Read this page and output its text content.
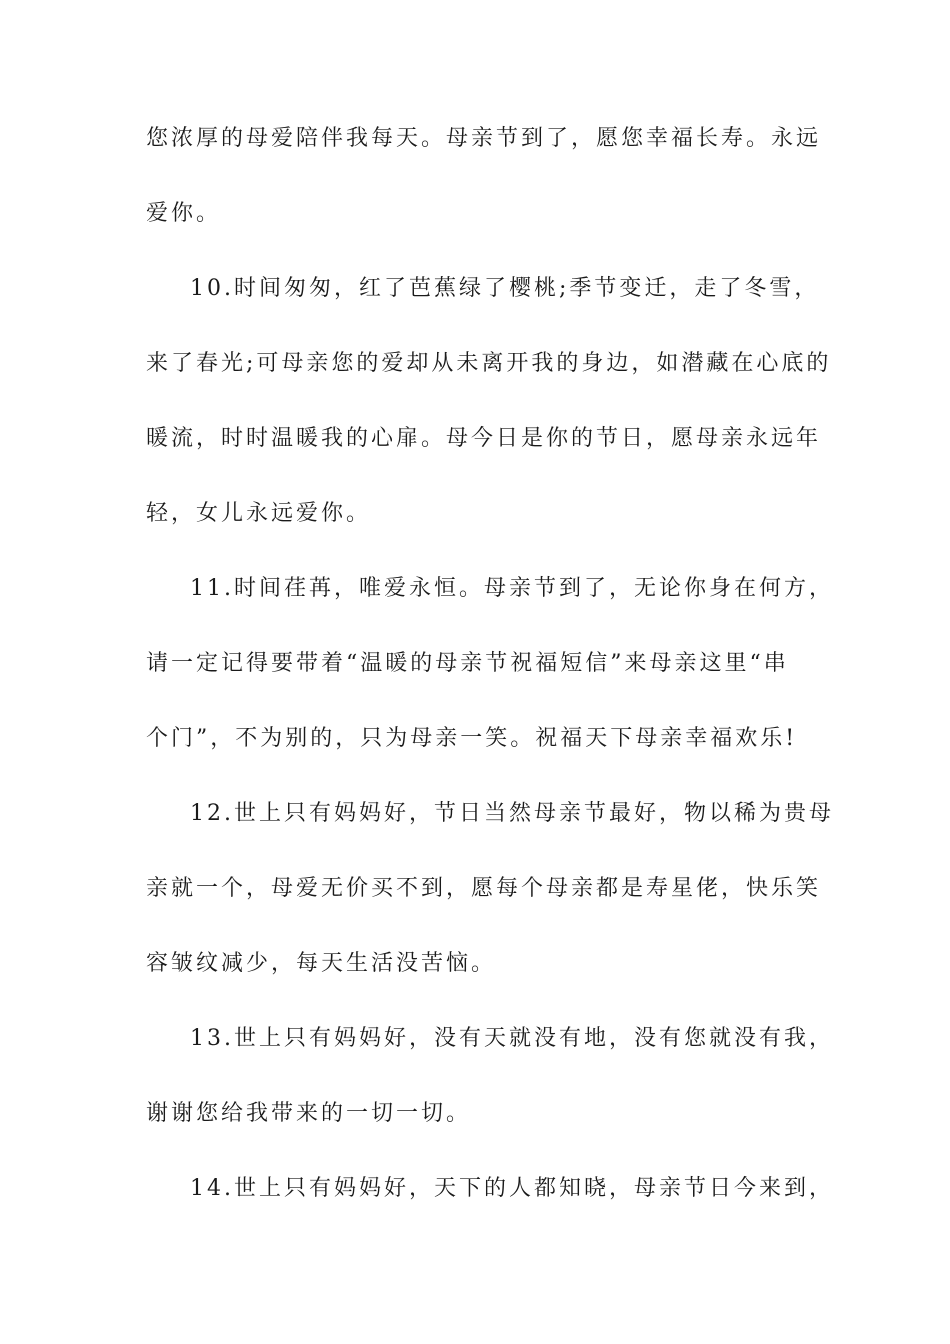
您浓厚的母爱陪伴我每天。母亲节到了，愿您幸福长寿。永远
爱你。
10.时间匆匆，红了芭蕉绿了樱桃;季节变迁，走了冬雪，
来了春光;可母亲您的爱却从未离开我的身边，如潜藏在心底的
暖流，时时温暖我的心扉。母今日是你的节日，愿母亲永远年
轻，女儿永远爱你。
11.时间荏苒，唯爱永恒。母亲节到了，无论你身在何方，
请一定记得要带着“温暖的母亲节祝福短信”来母亲这里“串
个门”，不为别的，只为母亲一笑。祝福天下母亲幸福欢乐!
12.世上只有妈妈好，节日当然母亲节最好，物以稀为贵母
亲就一个，母爱无价买不到，愿每个母亲都是寿星佬，快乐笑
容皱纹减少，每天生活没苦恼。
13.世上只有妈妈好，没有天就没有地，没有您就没有我，
谢谢您给我带来的一切一切。
14.世上只有妈妈好，天下的人都知晓，母亲节日今来到，
